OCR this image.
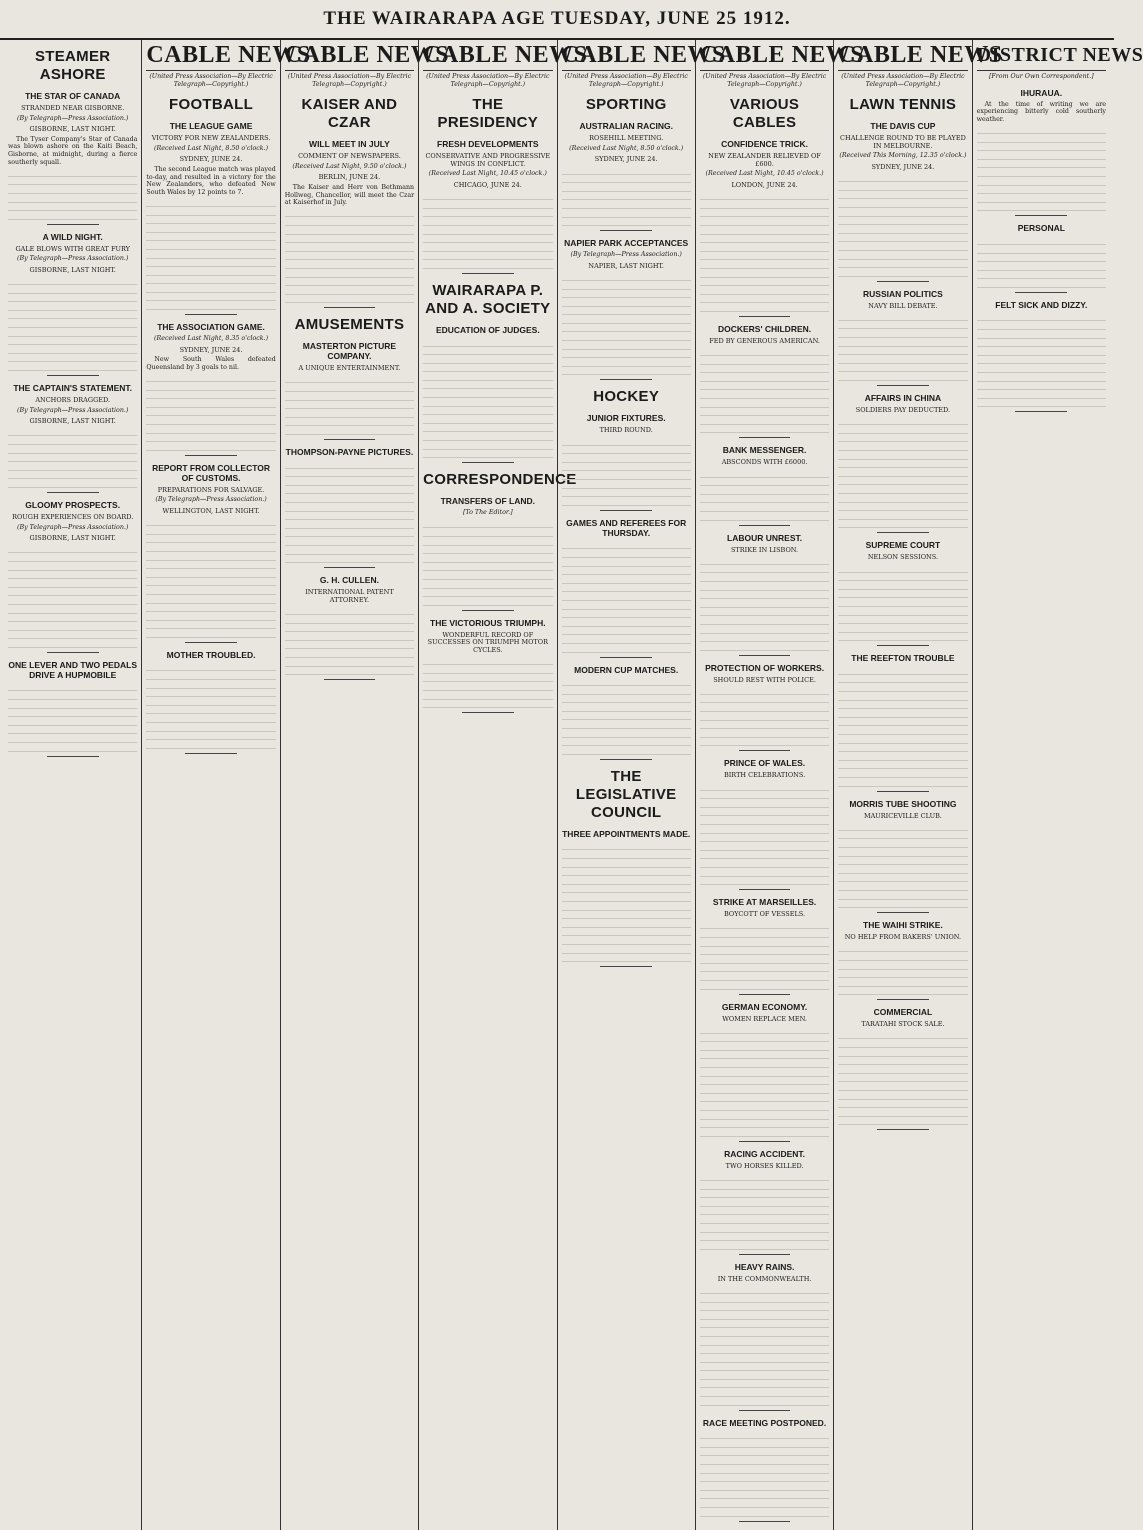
THE WAIRARAPA AGE TUESDAY, JUNE 25 1912.
STEAMER ASHORE
THE STAR OF CANADA
STRANDED NEAR GISBORNE.
(By Telegraph—Press Association.)
GISBORNE, LAST NIGHT.

The Tyser Company's Star of Canada was blown ashore on the Kaiti Beach, Gisborne, at midnight, during a fierce southerly squall.

A WILD NIGHT.
GALE BLOWS WITH GREAT FURY
(By Telegraph—Press Association.)
GISBORNE, LAST NIGHT.
THE CAPTAIN'S STATEMENT.
ANCHORS DRAGGED.
(By Telegraph—Press Association.)
GISBORNE, LAST NIGHT.
GLOOMY PROSPECTS.
ROUGH EXPERIENCES ON BOARD.
(By Telegraph—Press Association.)
GISBORNE, LAST NIGHT.
ONE LEVER AND TWO PEDALS DRIVE A HUPMOBILE
CABLE NEWS
(United Press Association—By Electric Telegraph—Copyright.)
FOOTBALL
THE LEAGUE GAME
VICTORY FOR NEW ZEALANDERS.
(Received Last Night, 8.50 o'clock.)
SYDNEY, JUNE 24.

The second League match was played to-day, and resulted in a victory for the New Zealanders, who defeated New South Wales by 12 points to 7.

THE ASSOCIATION GAME.
(Received Last Night, 8.35 o'clock.)
SYDNEY, JUNE 24.

New South Wales defeated Queensland by 3 goals to nil.

REPORT FROM COLLECTOR OF CUSTOMS.
PREPARATIONS FOR SALVAGE.
(By Telegraph—Press Association.)
WELLINGTON, LAST NIGHT.
MOTHER TROUBLED.
CABLE NEWS
(United Press Association—By Electric Telegraph—Copyright.)
KAISER AND CZAR
WILL MEET IN JULY
COMMENT OF NEWSPAPERS.
(Received Last Night, 9.50 o'clock.)
BERLIN, JUNE 24.

The Kaiser and Herr von Bethmann Hollweg, Chancellor, will meet the Czar at Kaiserhof in July.

AMUSEMENTS
MASTERTON PICTURE COMPANY.
A UNIQUE ENTERTAINMENT.
THOMPSON-PAYNE PICTURES.
G. H. CULLEN.
INTERNATIONAL PATENT ATTORNEY.
CABLE NEWS
(United Press Association—By Electric Telegraph—Copyright.)
THE PRESIDENCY
FRESH DEVELOPMENTS
CONSERVATIVE AND PROGRESSIVE WINGS IN CONFLICT.
(Received Last Night, 10.45 o'clock.)
CHICAGO, JUNE 24.
WAIRARAPA P. AND A. SOCIETY
EDUCATION OF JUDGES.
CORRESPONDENCE
TRANSFERS OF LAND.
[To The Editor.]
THE VICTORIOUS TRIUMPH.
WONDERFUL RECORD OF SUCCESSES ON TRIUMPH MOTOR CYCLES.
CABLE NEWS
(United Press Association—By Electric Telegraph—Copyright.)
SPORTING
AUSTRALIAN RACING.
ROSEHILL MEETING.
(Received Last Night, 8.50 o'clock.)
SYDNEY, JUNE 24.
NAPIER PARK ACCEPTANCES
(By Telegraph—Press Association.)
NAPIER, LAST NIGHT.
HOCKEY
JUNIOR FIXTURES.
THIRD ROUND.
GAMES AND REFEREES FOR THURSDAY.
MODERN CUP MATCHES.
THE LEGISLATIVE COUNCIL
THREE APPOINTMENTS MADE.
CABLE NEWS
(United Press Association—By Electric Telegraph—Copyright.)
VARIOUS CABLES
CONFIDENCE TRICK.
NEW ZEALANDER RELIEVED OF £600.
(Received Last Night, 10.45 o'clock.)
LONDON, JUNE 24.
DOCKERS' CHILDREN.
FED BY GENEROUS AMERICAN.
BANK MESSENGER.
ABSCONDS WITH £6000.
LABOUR UNREST.
STRIKE IN LISBON.
PROTECTION OF WORKERS.
SHOULD REST WITH POLICE.
PRINCE OF WALES.
BIRTH CELEBRATIONS.
STRIKE AT MARSEILLES.
BOYCOTT OF VESSELS.
GERMAN ECONOMY.
WOMEN REPLACE MEN.
RACING ACCIDENT.
TWO HORSES KILLED.
HEAVY RAINS.
IN THE COMMONWEALTH.
RACE MEETING POSTPONED.
CABLE NEWS
(United Press Association—By Electric Telegraph—Copyright.)
LAWN TENNIS
THE DAVIS CUP
CHALLENGE ROUND TO BE PLAYED IN MELBOURNE.
(Received This Morning, 12.35 o'clock.)
SYDNEY, JUNE 24.
RUSSIAN POLITICS
NAVY BILL DEBATE.
AFFAIRS IN CHINA
SOLDIERS PAY DEDUCTED.
SUPREME COURT
NELSON SESSIONS.
THE REEFTON TROUBLE
MORRIS TUBE SHOOTING
MAURICEVILLE CLUB.
THE WAIHI STRIKE.
NO HELP FROM BAKERS' UNION.
COMMERCIAL
TARATAHI STOCK SALE.
DISTRICT NEWS
[From Our Own Correspondent.]
IHURAUA.

At the time of writing we are experiencing bitterly cold southerly weather.

PERSONAL
FELT SICK AND DIZZY.
